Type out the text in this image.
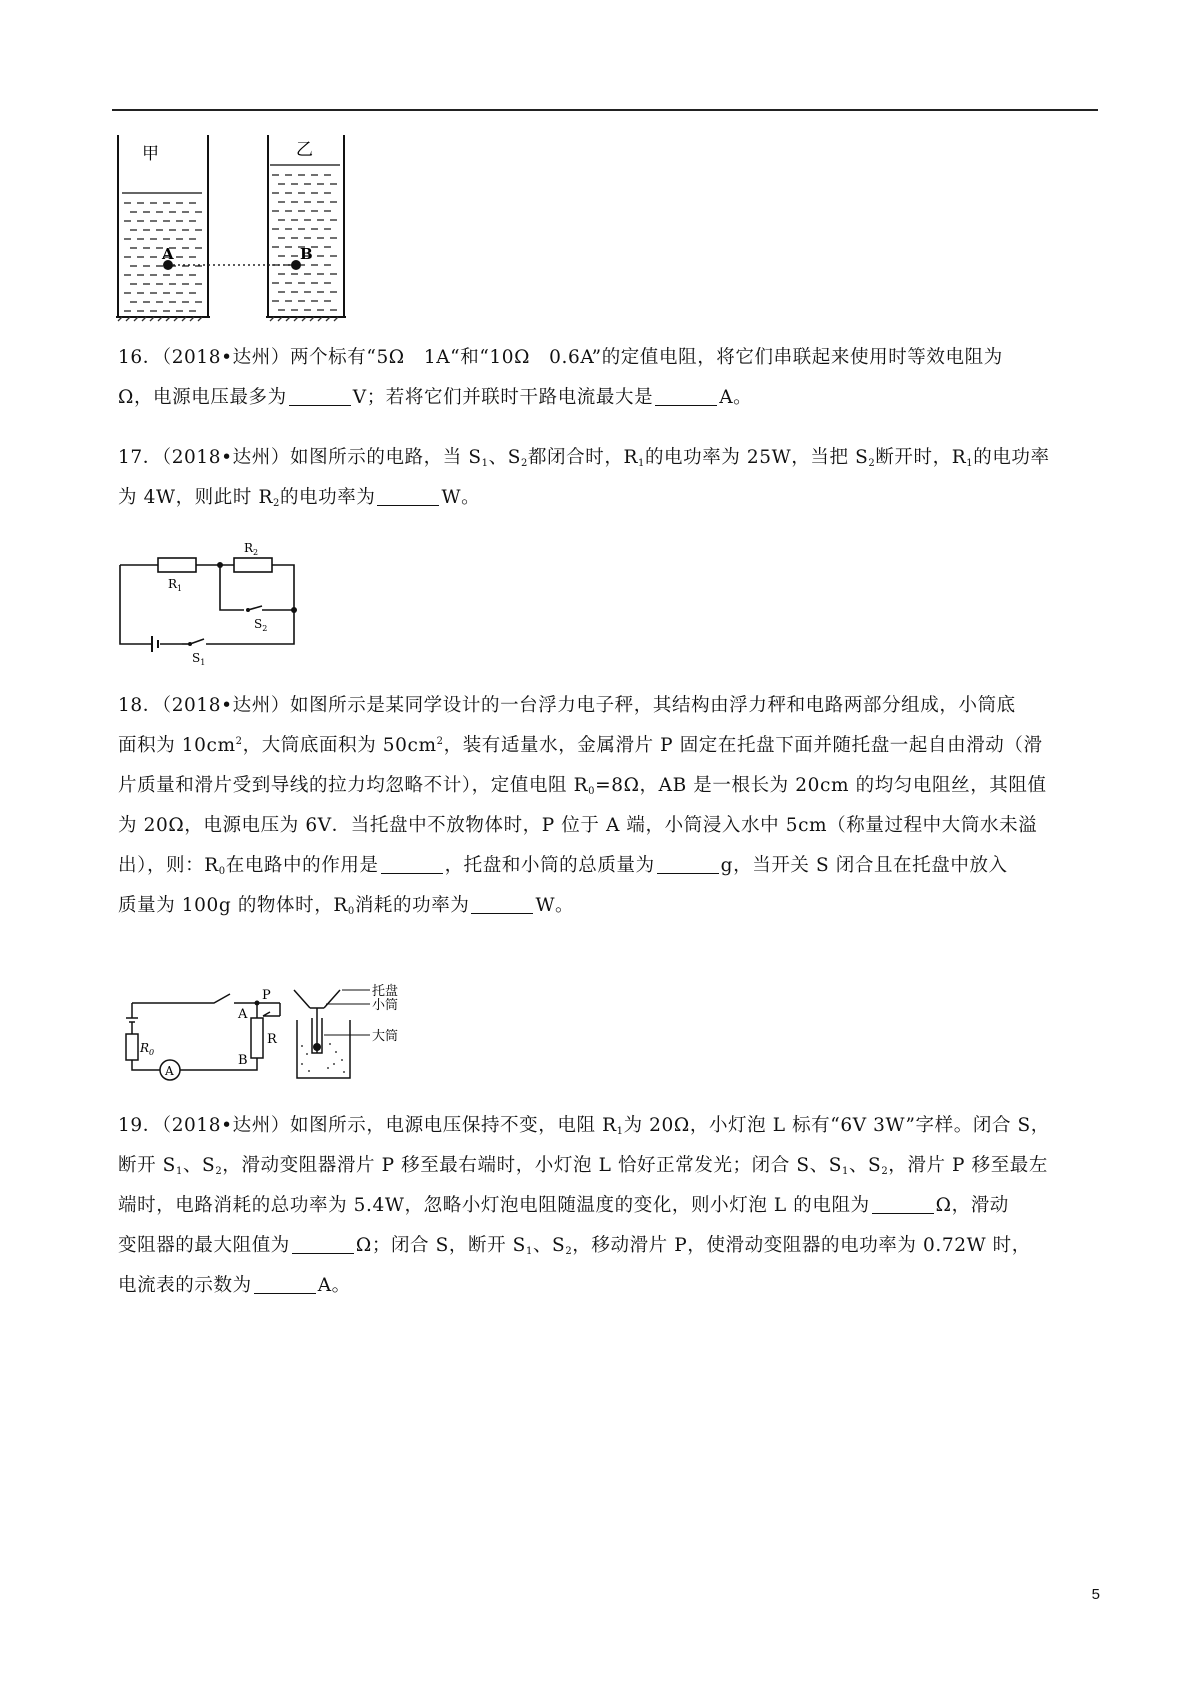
甲	乙
A	B
16．（2018•达州）两个标有“5Ω　1A“和“10Ω　0.6A”的定值电阻，将它们串联起来使用时等效电阻为
Ω，电源电压最多为	V；若将它们并联时干路电流最大是	A。
17．（2018•达州）如图所示的电路，当 $S_1$、$S_2$都闭合时，$R_1$的电功率为 25W，当把 $S_2$断开时，$R_1$的电功率
为 4W，则此时 $R_2$的电功率为	W。
$R_1$
$R_2$
$S_2$
$S_1$
18．（2018•达州）如图所示是某同学设计的一台浮力电子秤，其结构由浮力秤和电路两部分组成，小筒底
面积为 $10cm^2$，大筒底面积为 $50cm^2$，装有适量水，金属滑片 P 固定在托盘下面并随托盘一起自由滑动（滑
片质量和滑片受到导线的拉力均忽略不计），定值电阻 $R_0=8\Omega$，AB 是一根长为 20cm 的均匀电阻丝，其阻值
为 20Ω，电源电压为 6V．当托盘中不放物体时，P 位于 A 端，小筒浸入水中 5cm（称量过程中大筒水未溢
出），则：$R_0$在电路中的作用是	，托盘和小筒的总质量为	g，当开关 S 闭合且在托盘中放入
质量为 100g 的物体时，$R_0$消耗的功率为	W。
$R_0$
A
A
B
P
R
托盘
小筒
大筒
19．（2018•达州）如图所示，电源电压保持不变，电阻 $R_1$为 20Ω，小灯泡 L 标有“6V 3W”字样。闭合 S，
断开 $S_1$、$S_2$，滑动变阻器滑片 P 移至最右端时，小灯泡 L 恰好正常发光；闭合 S、$S_1$、$S_2$，滑片 P 移至最左
端时，电路消耗的总功率为 5.4W，忽略小灯泡电阻随温度的变化，则小灯泡 L 的电阻为	Ω，滑动
变阻器的最大阻值为	Ω；闭合 S，断开 $S_1$、$S_2$，移动滑片 P，使滑动变阻器的电功率为 0.72W 时，
电流表的示数为	A。
5
